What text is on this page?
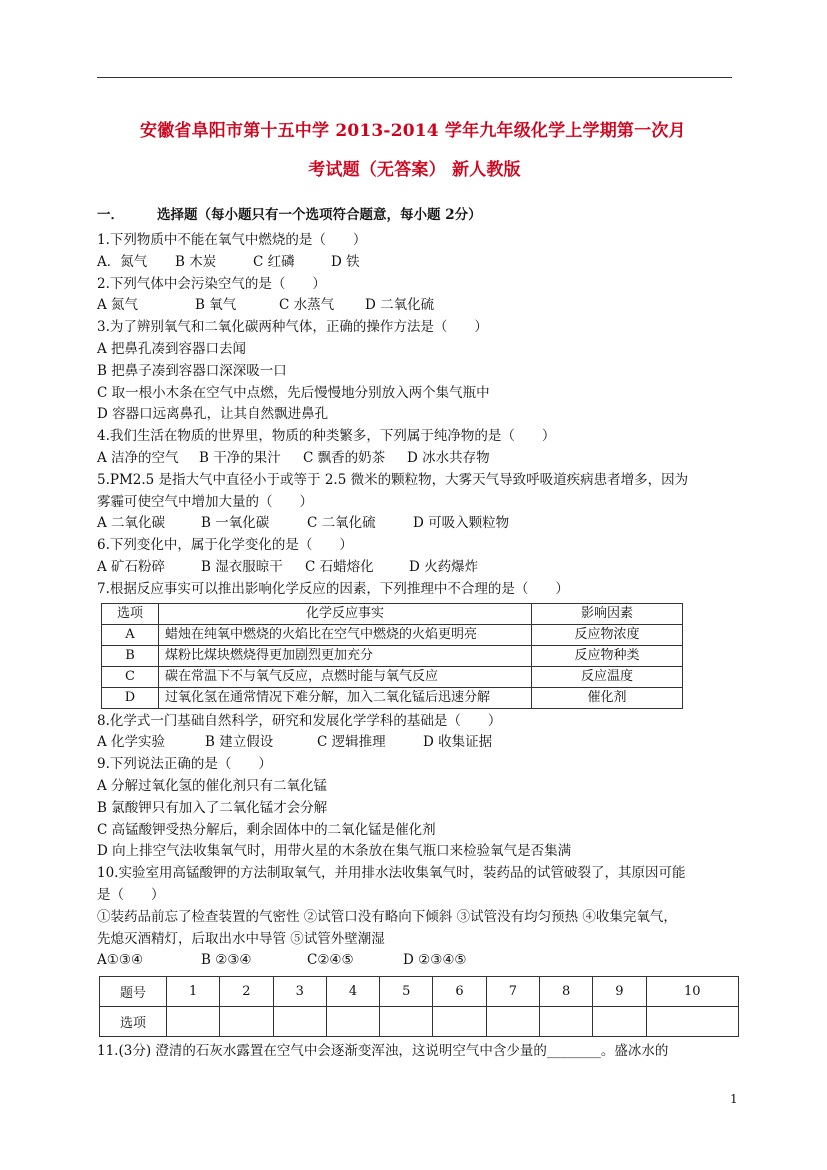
安徽省阜阳市第十五中学 2013-2014 学年九年级化学上学期第一次月
考试题（无答案） 新人教版
一． 选择题（每小题只有一个选项符合题意，每小题 2分）
1.下列物质中不能在氧气中燃烧的是（　　）
A．氮气 B 木炭	C 红磷	D 铁
2.下列气体中会污染空气的是（　　）
A 氮气	B 氧气	C 水蒸气 D 二氧化硫
3.为了辨别氧气和二氧化碳两种气体，正确的操作方法是（　　）
A 把鼻孔凑到容器口去闻
B 把鼻子凑到容器口深深吸一口
C 取一根小木条在空气中点燃，先后慢慢地分别放入两个集气瓶中
D 容器口远离鼻孔，让其自然飘进鼻孔
4.我们生活在物质的世界里，物质的种类繁多，下列属于纯净物的是（　　）
A 洁净的空气 B 干净的果汁 C 飘香的奶茶 D 冰水共存物
5.PM2.5 是指大气中直径小于或等于 2.5 微米的颗粒物，大雾天气导致呼吸道疾病患者增多，因为
雾霾可使空气中增加大量的（　　）
A 二氧化碳	B 一氧化碳	C 二氧化硫	D 可吸入颗粒物
6.下列变化中，属于化学变化的是（　　）
A 矿石粉碎	B 湿衣服晾干 C 石蜡熔化	D 火药爆炸
7.根据反应事实可以推出影响化学反应的因素，下列推理中不合理的是（　　）
选项	化学反应事实	影响因素
A	蜡烛在纯氧中燃烧的火焰比在空气中燃烧的火焰更明亮	反应物浓度
B	煤粉比煤块燃烧得更加剧烈更加充分	反应物种类
C	碳在常温下不与氧气反应，点燃时能与氧气反应	反应温度
D	过氧化氢在通常情况下难分解，加入二氧化锰后迅速分解	催化剂
8.化学式一门基础自然科学，研究和发展化学学科的基础是（　　）
A 化学实验	B 建立假设	C 逻辑推理	D 收集证据
9.下列说法正确的是（　　）
A 分解过氧化氢的催化剂只有二氧化锰
B 氯酸钾只有加入了二氧化锰才会分解
C 高锰酸钾受热分解后，剩余固体中的二氧化锰是催化剂
D 向上排空气法收集氧气时，用带火星的木条放在集气瓶口来检验氧气是否集满
10.实验室用高锰酸钾的方法制取氧气，并用排水法收集氧气时，装药品的试管破裂了，其原因可能
是（　　）
①装药品前忘了检查装置的气密性 ②试管口没有略向下倾斜 ③试管没有均匀预热 ④收集完氧气，
先熄灭酒精灯，后取出水中导管 ⑤试管外壁潮湿
A①③④	B ②③④	C②④⑤	D ②③④⑤
题号	1	2	3	4	5	6	7	8	9	10
选项										
11.(3分) 澄清的石灰水露置在空气中会逐渐变浑浊，这说明空气中含少量的________。盛冰水的
1
